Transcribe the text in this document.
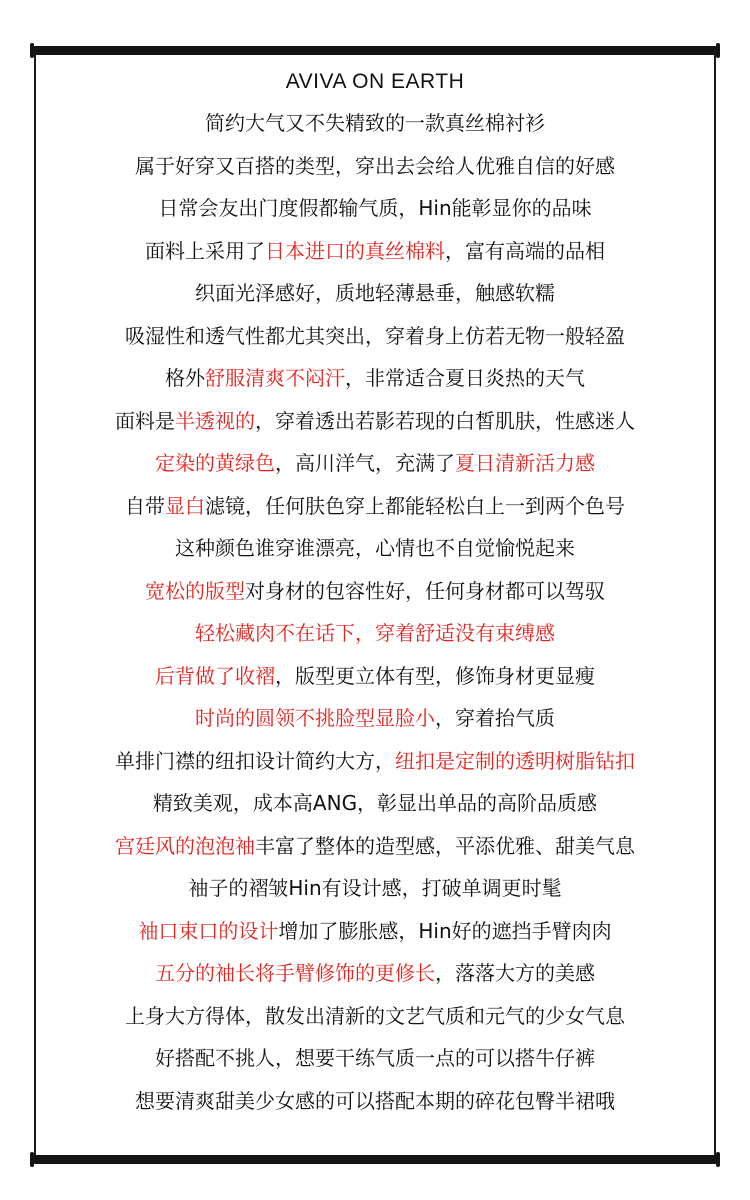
AVIVA ON EARTH
简约大气又不失精致的一款真丝棉衬衫
属于好穿又百搭的类型，穿出去会给人优雅自信的好感
日常会友出门度假都输气质，Hin能彰显你的品味
面料上采用了日本进口的真丝棉料，富有高端的品相
织面光泽感好，质地轻薄悬垂，触感软糯
吸湿性和透气性都尤其突出，穿着身上仿若无物一般轻盈
格外舒服清爽不闷汗，非常适合夏日炎热的天气
面料是半透视的，穿着透出若影若现的白皙肌肤，性感迷人
定染的黄绿色，高川洋气，充满了夏日清新活力感
自带显白滤镜，任何肤色穿上都能轻松白上一到两个色号
这种颜色谁穿谁漂亮，心情也不自觉愉悦起来
宽松的版型对身材的包容性好，任何身材都可以驾驭
轻松藏肉不在话下，穿着舒适没有束缚感
后背做了收褶，版型更立体有型，修饰身材更显瘦
时尚的圆领不挑脸型显脸小，穿着抬气质
单排门襟的纽扣设计简约大方，纽扣是定制的透明树脂钻扣
精致美观，成本高ANG，彰显出单品的高阶品质感
宫廷风的泡泡袖丰富了整体的造型感，平添优雅、甜美气息
袖子的褶皱Hin有设计感，打破单调更时髦
袖口束口的设计增加了膨胀感，Hin好的遮挡手臂肉肉
五分的袖长将手臂修饰的更修长，落落大方的美感
上身大方得体，散发出清新的文艺气质和元气的少女气息
好搭配不挑人，想要干练气质一点的可以搭牛仔裤
想要清爽甜美少女感的可以搭配本期的碎花包臀半裙哦
